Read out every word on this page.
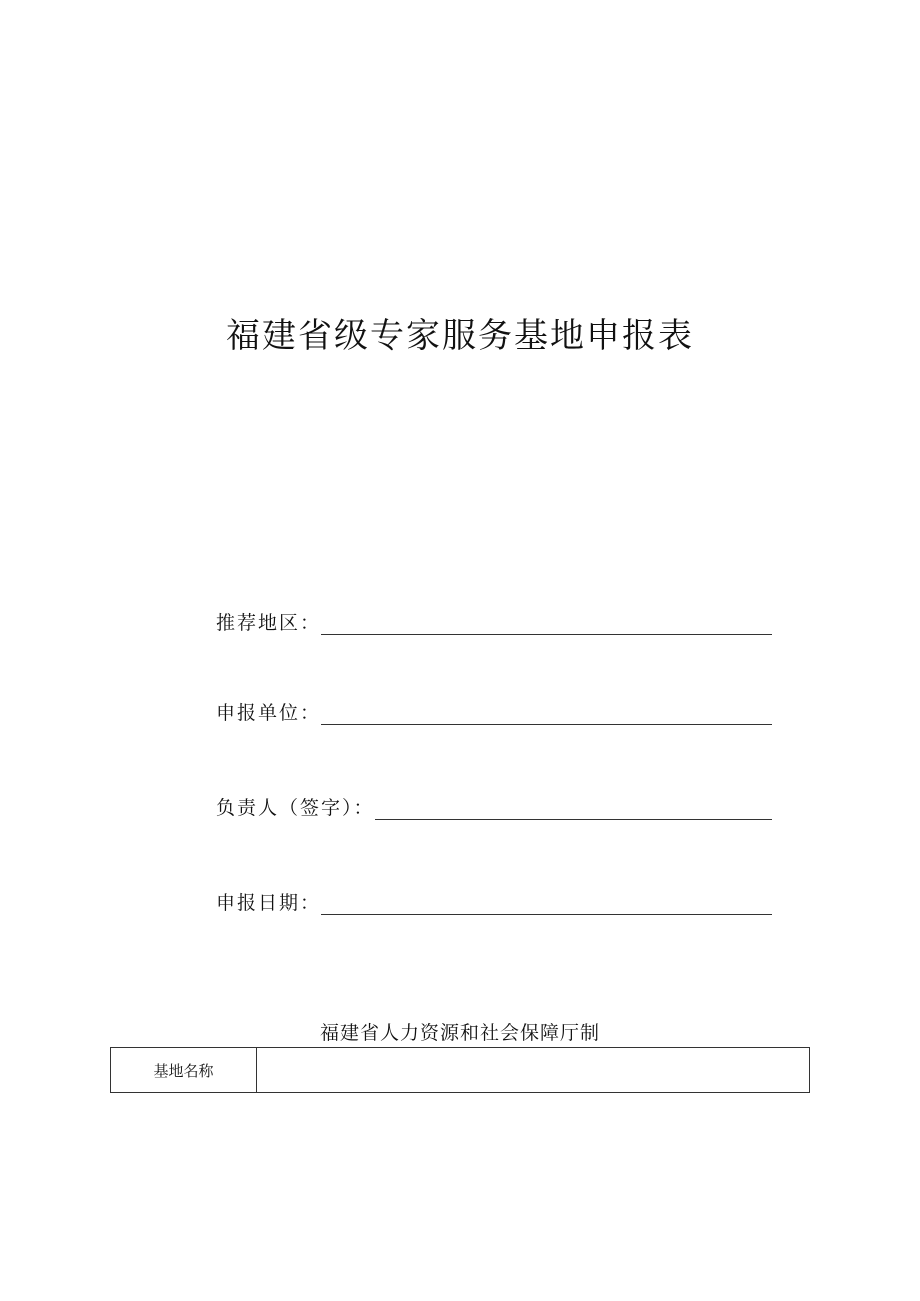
福建省级专家服务基地申报表
推荐地区：
申报单位：
负责人（签字）：
申报日期：
福建省人力资源和社会保障厅制
基地名称	
